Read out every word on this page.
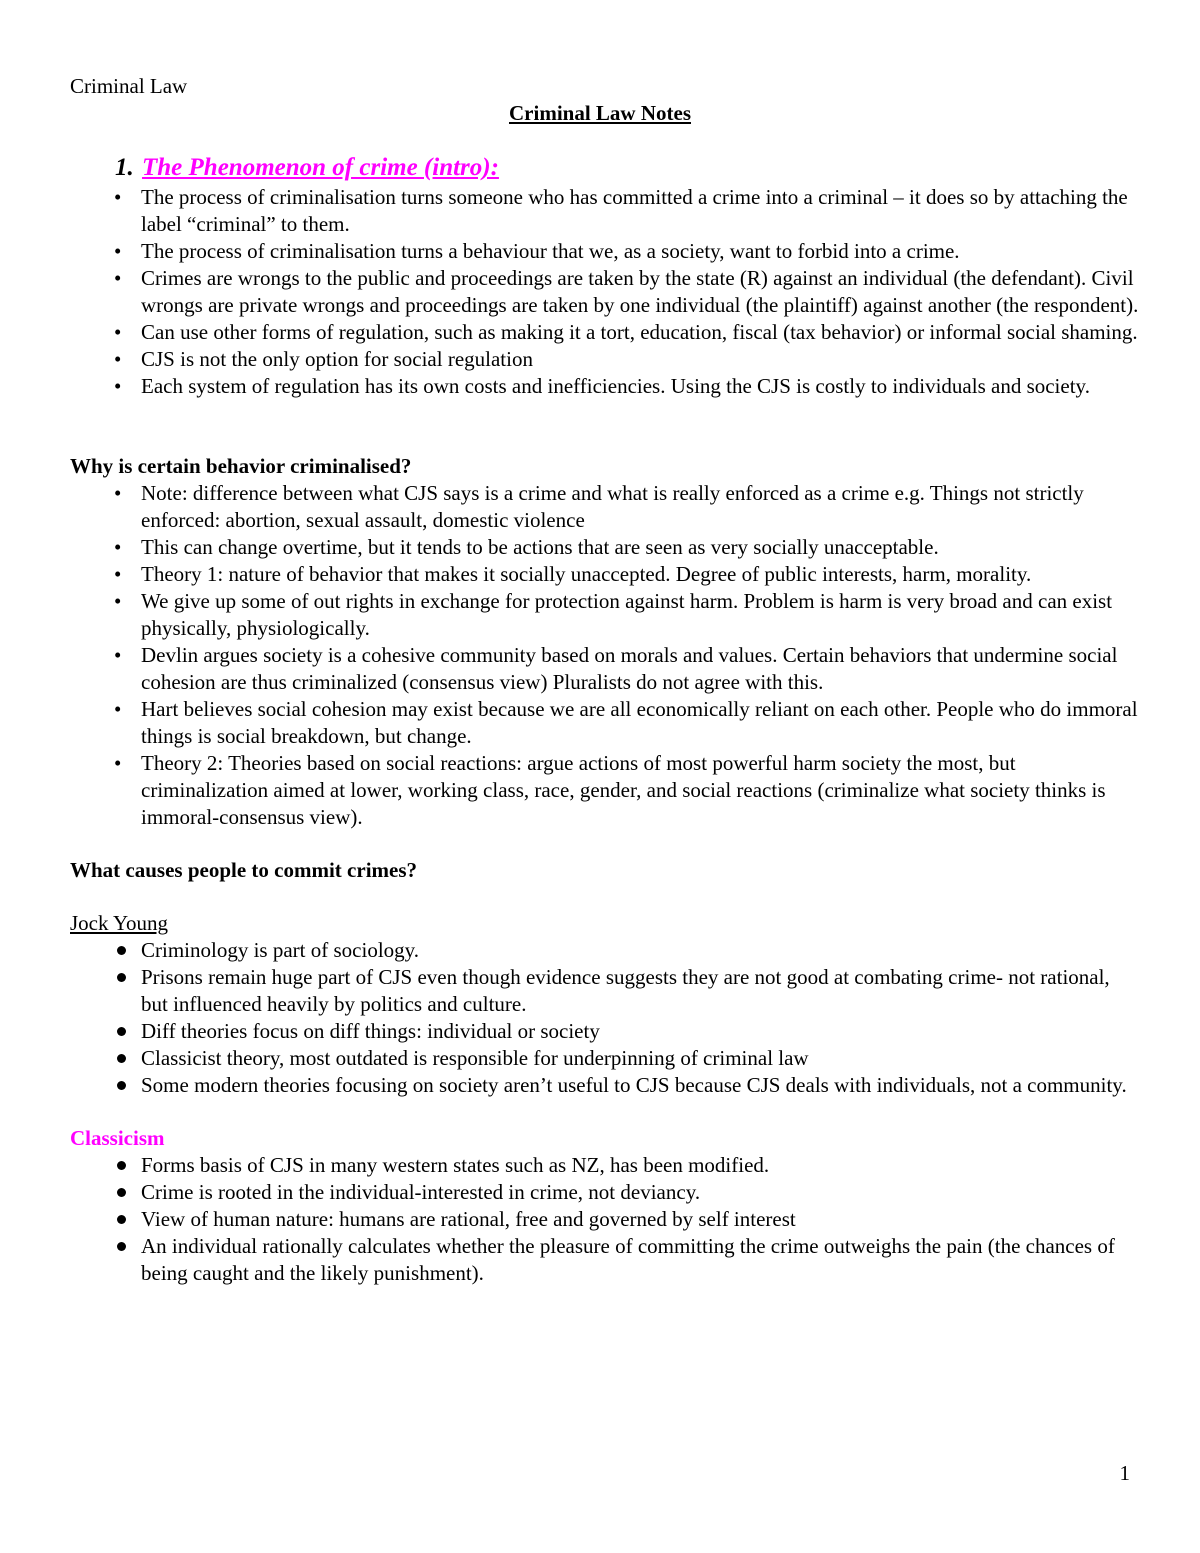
Criminal Law
Criminal Law Notes
1. The Phenomenon of crime (intro):
• The process of criminalisation turns someone who has committed a crime into a criminal – it does so by attaching the label “criminal” to them.
• The process of criminalisation turns a behaviour that we, as a society, want to forbid into a crime.
• Crimes are wrongs to the public and proceedings are taken by the state (R) against an individual (the defendant). Civil wrongs are private wrongs and proceedings are taken by one individual (the plaintiff) against another (the respondent).
• Can use other forms of regulation, such as making it a tort, education, fiscal (tax behavior) or informal social shaming.
• CJS is not the only option for social regulation
• Each system of regulation has its own costs and inefficiencies. Using the CJS is costly to individuals and society.

Why is certain behavior criminalised?

• Note: difference between what CJS says is a crime and what is really enforced as a crime e.g. Things not strictly enforced: abortion, sexual assault, domestic violence
• This can change overtime, but it tends to be actions that are seen as very socially unacceptable.
• Theory 1: nature of behavior that makes it socially unaccepted. Degree of public interests, harm, morality.
• We give up some of out rights in exchange for protection against harm. Problem is harm is very broad and can exist physically, physiologically.
• Devlin argues society is a cohesive community based on morals and values. Certain behaviors that undermine social cohesion are thus criminalized (consensus view) Pluralists do not agree with this.
• Hart believes social cohesion may exist because we are all economically reliant on each other. People who do immoral things is social breakdown, but change.
• Theory 2: Theories based on social reactions: argue actions of most powerful harm society the most, but criminalization aimed at lower, working class, race, gender, and social reactions (criminalize what society thinks is immoral-consensus view).

What causes people to commit crimes?

Jock Young

Criminology is part of sociology.
Prisons remain huge part of CJS even though evidence suggests they are not good at combating crime- not rational, but influenced heavily by politics and culture.
Diff theories focus on diff things: individual or society
Classicist theory, most outdated is responsible for underpinning of criminal law
Some modern theories focusing on society aren’t useful to CJS because CJS deals with individuals, not a community.

Classicism

Forms basis of CJS in many western states such as NZ, has been modified.
Crime is rooted in the individual-interested in crime, not deviancy.
View of human nature: humans are rational, free and governed by self interest
An individual rationally calculates whether the pleasure of committing the crime outweighs the pain (the chances of being caught and the likely punishment).
1
